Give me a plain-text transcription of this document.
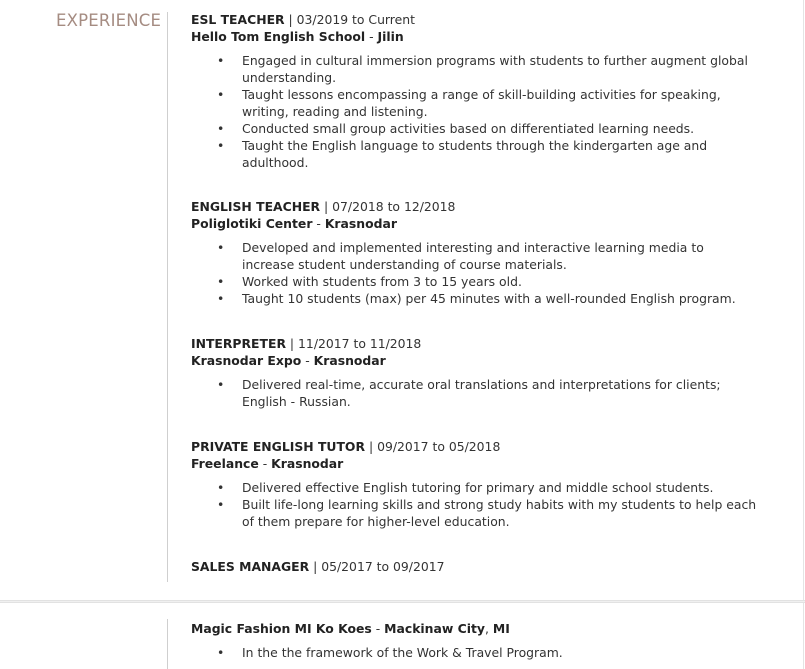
EXPERIENCE ESL TEACHER | 03/2019 to Current

Hello Tom English School - Jilin

• Engaged in cultural immersion programs with students to further augment global understanding.
• Taught lessons encompassing a range of skill-building activities for speaking, writing, reading and listening.
• Conducted small group activities based on differentiated learning needs.
• Taught the English language to students through the kindergarten age and adulthood.

ENGLISH TEACHER | 07/2018 to 12/2018

Poliglotiki Center - Krasnodar

• Developed and implemented interesting and interactive learning media to increase student understanding of course materials.
• Worked with students from 3 to 15 years old.
• Taught 10 students (max) per 45 minutes with a well-rounded English program.

INTERPRETER | 11/2017 to 11/2018

Krasnodar Expo - Krasnodar

• Delivered real-time, accurate oral translations and interpretations for clients; English - Russian.

PRIVATE ENGLISH TUTOR | 09/2017 to 05/2018

Freelance - Krasnodar

• Delivered effective English tutoring for primary and middle school students.
• Built life-long learning skills and strong study habits with my students to help each of them prepare for higher-level education.

SALES MANAGER | 05/2017 to 09/2017

Magic Fashion MI Ko Koes - Mackinaw City, MI

• In the the framework of the Work & Travel Program.
